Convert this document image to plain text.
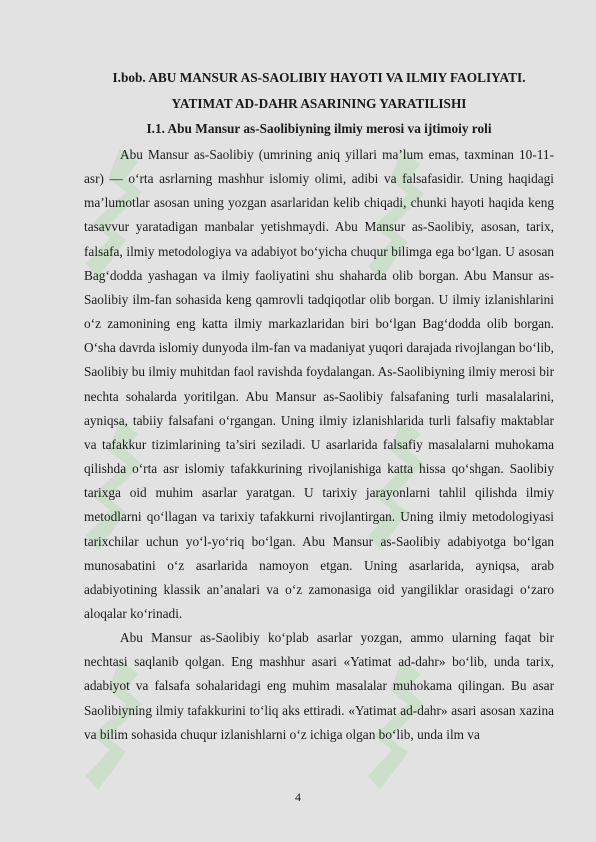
I.bob. ABU MANSUR AS-SAOLIBIY HAYOTI VA ILMIY FAOLIYATI.
YATIMAT AD-DAHR ASARINING YARATILISHI
I.1. Abu Mansur as-Saolibiyning ilmiy merosi va ijtimoiy roli

Abu Mansur as-Saolibiy (umrining aniq yillari ma’lum emas, taxminan 10-11-asr) — o‘rta asrlarning mashhur islomiy olimi, adibi va falsafasidir. Uning haqidagi ma’lumotlar asosan uning yozgan asarlaridan kelib chiqadi, chunki hayoti haqida keng tasavvur yaratadigan manbalar yetishmaydi. Abu Mansur as-Saolibiy, asosan, tarix, falsafa, ilmiy metodologiya va adabiyot bo‘yicha chuqur bilimga ega bo‘lgan. U asosan Bag‘dodda yashagan va ilmiy faoliyatini shu shaharda olib borgan. Abu Mansur as-Saolibiy ilm-fan sohasida keng qamrovli tadqiqotlar olib borgan. U ilmiy izlanishlarini o‘z zamonining eng katta ilmiy markazlaridan biri bo‘lgan Bag‘dodda olib borgan. O‘sha davrda islomiy dunyoda ilm-fan va madaniyat yuqori darajada rivojlangan bo‘lib, Saolibiy bu ilmiy muhitdan faol ravishda foydalangan. As-Saolibiyning ilmiy merosi bir nechta sohalarda yoritilgan. Abu Mansur as-Saolibiy falsafaning turli masalalarini, ayniqsa, tabiiy falsafani o‘rgangan. Uning ilmiy izlanishlarida turli falsafiy maktablar va tafakkur tizimlarining ta’siri seziladi. U asarlarida falsafiy masalalarni muhokama qilishda o‘rta asr islomiy tafakkurining rivojlanishiga katta hissa qo‘shgan. Saolibiy tarixga oid muhim asarlar yaratgan. U tarixiy jarayonlarni tahlil qilishda ilmiy metodlarni qo‘llagan va tarixiy tafakkurni rivojlantirgan. Uning ilmiy metodologiyasi tarixchilar uchun yo‘l-yo‘riq bo‘lgan. Abu Mansur as-Saolibiy adabiyotga bo‘lgan munosabatini o‘z asarlarida namoyon etgan. Uning asarlarida, ayniqsa, arab adabiyotining klassik an’analari va o‘z zamonasiga oid yangiliklar orasidagi o‘zaro aloqalar ko‘rinadi.

Abu Mansur as-Saolibiy ko‘plab asarlar yozgan, ammo ularning faqat bir nechtasi saqlanib qolgan. Eng mashhur asari «Yatimat ad-dahr» bo‘lib, unda tarix, adabiyot va falsafa sohalaridagi eng muhim masalalar muhokama qilingan. Bu asar Saolibiyning ilmiy tafakkurini to‘liq aks ettiradi. «Yatimat ad-dahr» asari asosan xazina va bilim sohasida chuqur izlanishlarni o‘z ichiga olgan bo‘lib, unda ilm va

4
